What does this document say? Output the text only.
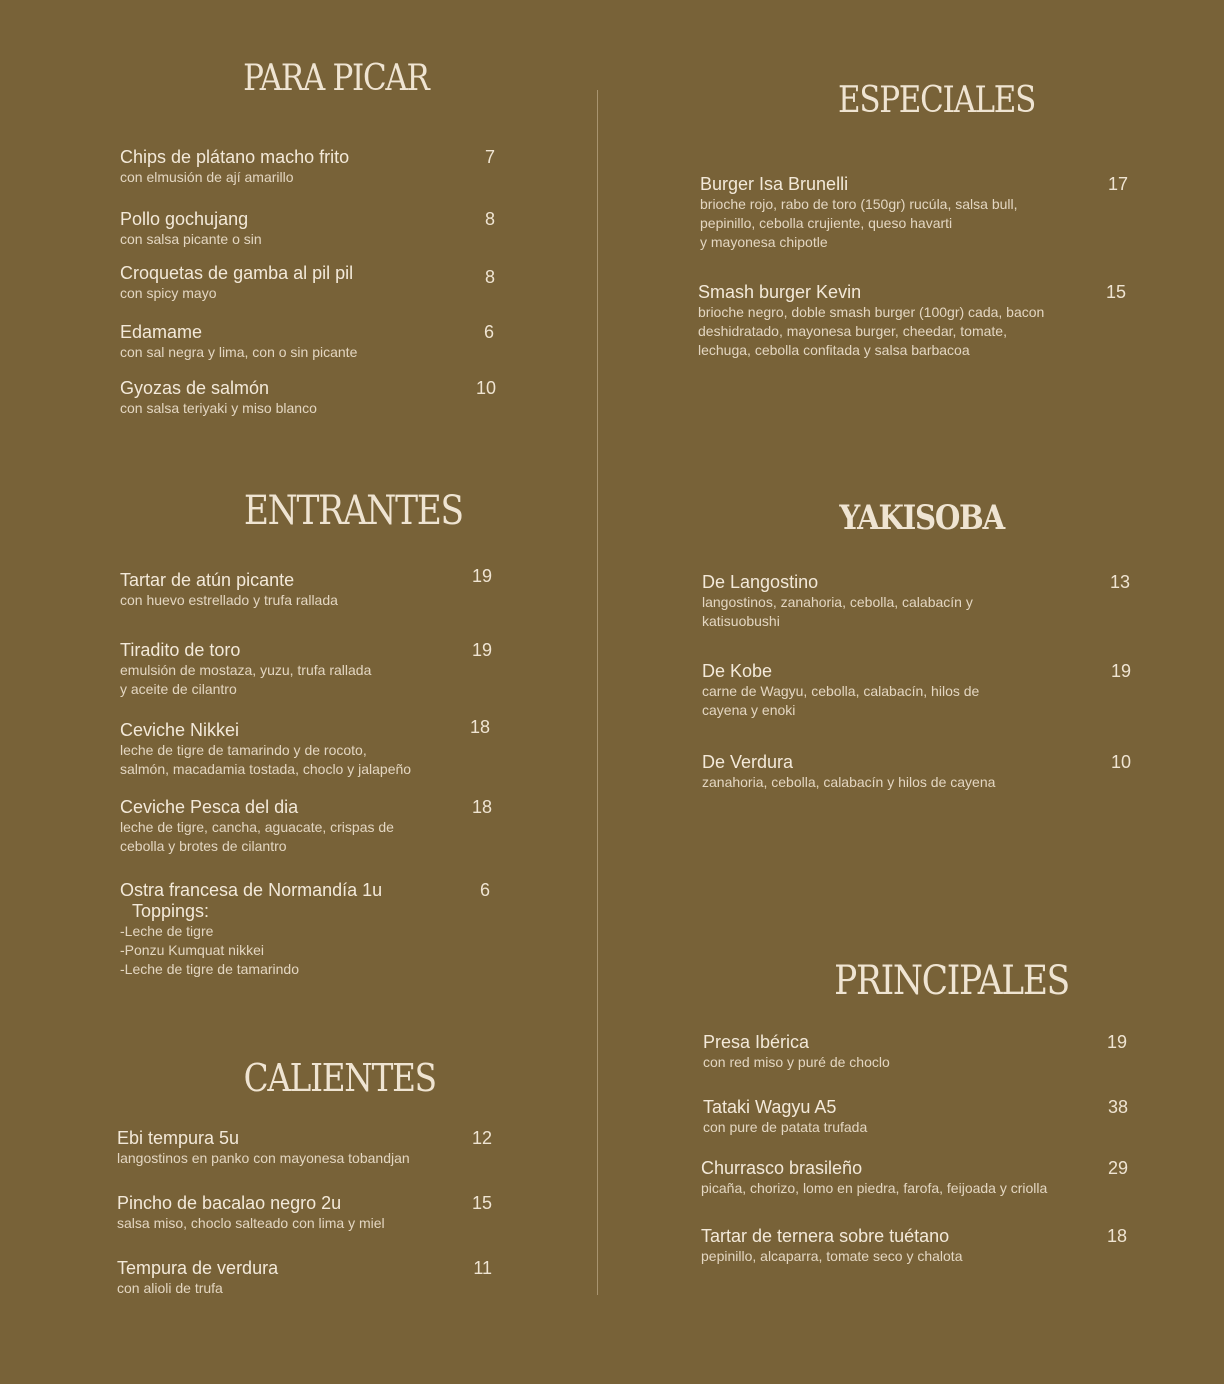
PARA PICAR
Chips de plátano macho frito
con elmusión de ají amarillo
7
Pollo gochujang
con salsa picante o sin
8
Croquetas de gamba al pil pil
con spicy mayo
8
Edamame
con sal negra y lima, con o sin picante
6
Gyozas de salmón
con salsa teriyaki y miso blanco
10
ENTRANTES
Tartar de atún picante
con huevo estrellado y trufa rallada
19
Tiradito de toro
emulsión de mostaza, yuzu, trufa rallada
y aceite de cilantro
19
Ceviche Nikkei
leche de tigre de tamarindo y de rocoto,
salmón, macadamia tostada, choclo y jalapeño
18
Ceviche Pesca del dia
leche de tigre, cancha, aguacate, crispas de
cebolla y brotes de cilantro
18
Ostra francesa de Normandía 1u
Toppings:
-Leche de tigre
-Ponzu Kumquat nikkei
-Leche de tigre de tamarindo
6
CALIENTES
Ebi tempura 5u
langostinos en panko con mayonesa tobandjan
12
Pincho de bacalao negro 2u
salsa miso, choclo salteado con lima y miel
15
Tempura de verdura
con alioli de trufa
11
ESPECIALES
Burger Isa Brunelli
brioche rojo, rabo de toro (150gr) rucúla, salsa bull,
pepinillo, cebolla crujiente, queso havarti
y mayonesa chipotle
17
Smash burger Kevin
brioche negro, doble smash burger (100gr) cada, bacon
deshidratado, mayonesa burger, cheedar, tomate,
lechuga, cebolla confitada y salsa barbacoa
15
YAKISOBA
De Langostino
langostinos, zanahoria, cebolla, calabacín y
katisuobushi
13
De Kobe
carne de Wagyu, cebolla, calabacín, hilos de
cayena y enoki
19
De Verdura
zanahoria, cebolla, calabacín y hilos de cayena
10
PRINCIPALES
Presa Ibérica
con red miso y puré de choclo
19
Tataki Wagyu A5
con pure de patata trufada
38
Churrasco brasileño
picaña, chorizo, lomo en piedra, farofa, feijoada y criolla
29
Tartar de ternera sobre tuétano
pepinillo, alcaparra, tomate seco y chalota
18
